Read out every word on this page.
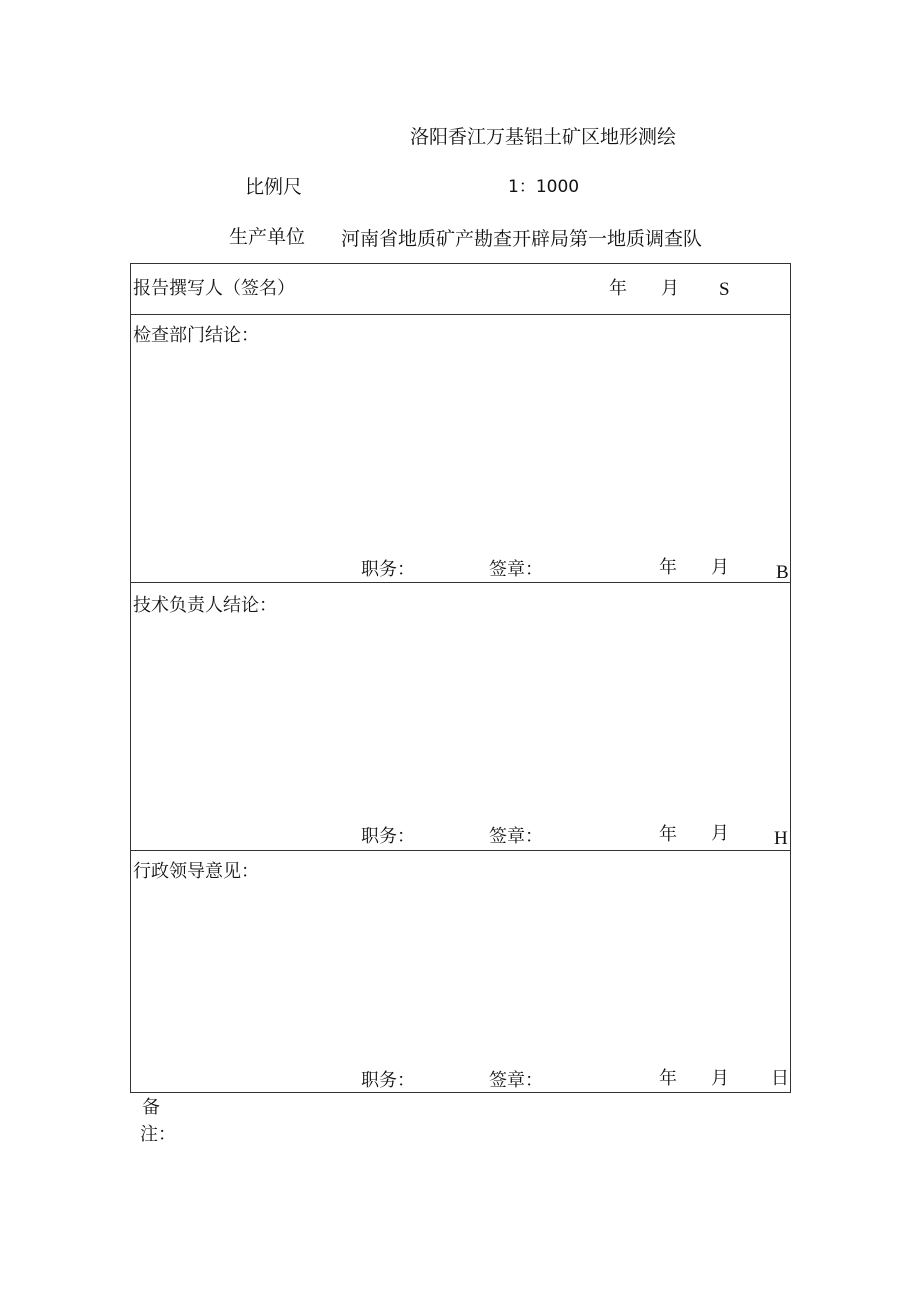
洛阳香江万基铝土矿区地形测绘
比例尺	1：1000
生产单位 河南省地质矿产勘查开辟局第一地质调查队
报告撰写人（签名）	年 月 S
检查部门结论：
职务：	签章：	年 月 B
技术负责人结论：
职务：	签章：	年 月 H
行政领导意见：
职务：	签章：	年 月 日
备
注：
